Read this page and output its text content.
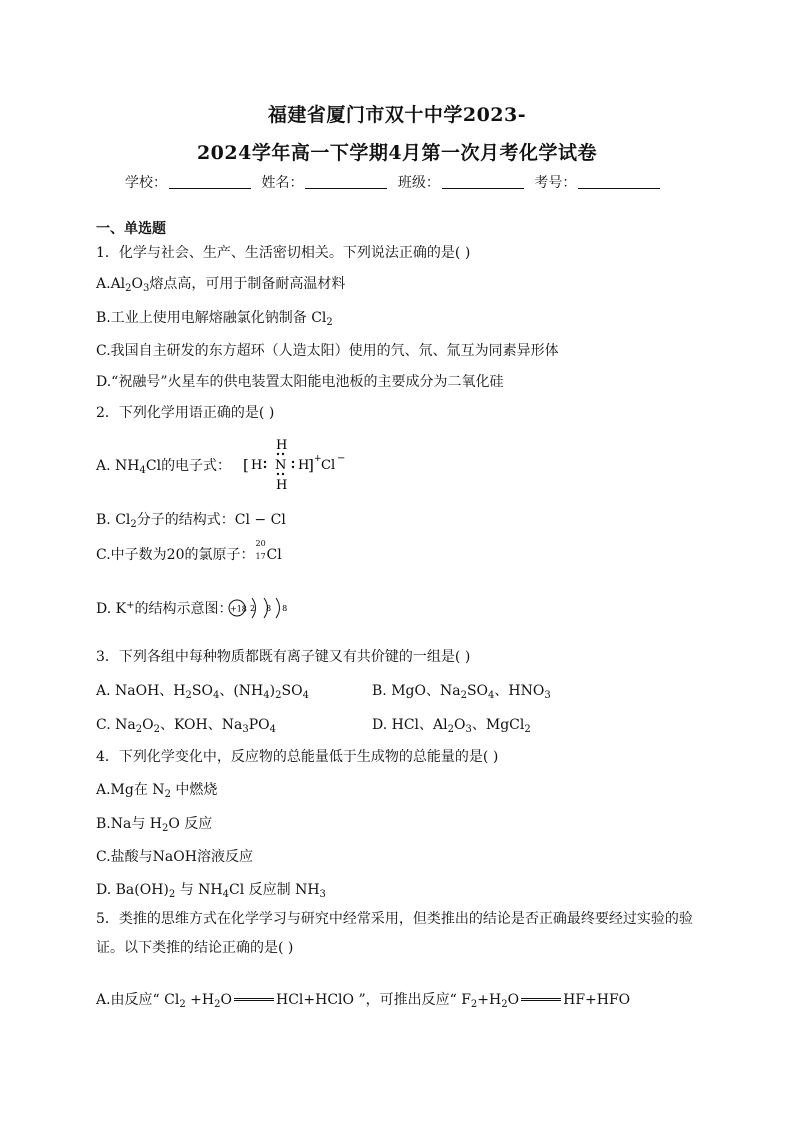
福建省厦门市双十中学2023-
2024学年高一下学期4月第一次月考化学试卷
学校：	姓名：	班级：	考号：
一、单选题
1．化学与社会、生产、生活密切相关。下列说法正确的是( )
$A.Al_2O_3$熔点高，可用于制备耐高温材料
B.工业上使用电解熔融氯化钠制备 $Cl_2$
C.我国自主研发的东方超环（人造太阳）使用的氕、氘、氚互为同素异形体
D.“祝融号”火星车的供电装置太阳能电池板的主要成分为二氧化硅
2．下列化学用语正确的是( )
A. $NH_4Cl$的电子式： [ H
H
N
H
H
] + Cl −
B. $Cl_2$分子的结构式：Cl − Cl
C.中子数为20的氯原子：
20
17 Cl
D. K+的结构示意图：
+18 2 8 8
3．下列各组中每种物质都既有离子键又有共价键的一组是( )
A. NaOH、$H_2SO_4$、$(NH_4)_2SO_4$	B. MgO、$Na_2SO_4$、$HNO_3$
C. $Na_2O_2$、KOH、$Na_3PO_4$	D. HCl、$Al_2O_3$、MgCl$_2$
4．下列化学变化中，反应物的总能量低于生成物的总能量的是( )
A.Mg在 $N_2$ 中燃烧
B.Na与 $H_2O$ 反应
C.盐酸与NaOH溶液反应
D. $Ba(OH)_2$ 与 $NH_4Cl$ 反应制 $NH_3$
5．类推的思维方式在化学学习与研究中经常采用，但类推出的结论是否正确最终要经过实验的验证。以下类推的结论正确的是( )
A.由反应“ $Cl_2 +H_2O$	HCl+HClO ”，可推出反应“ $F_2+H_2O$	HF+HFO
